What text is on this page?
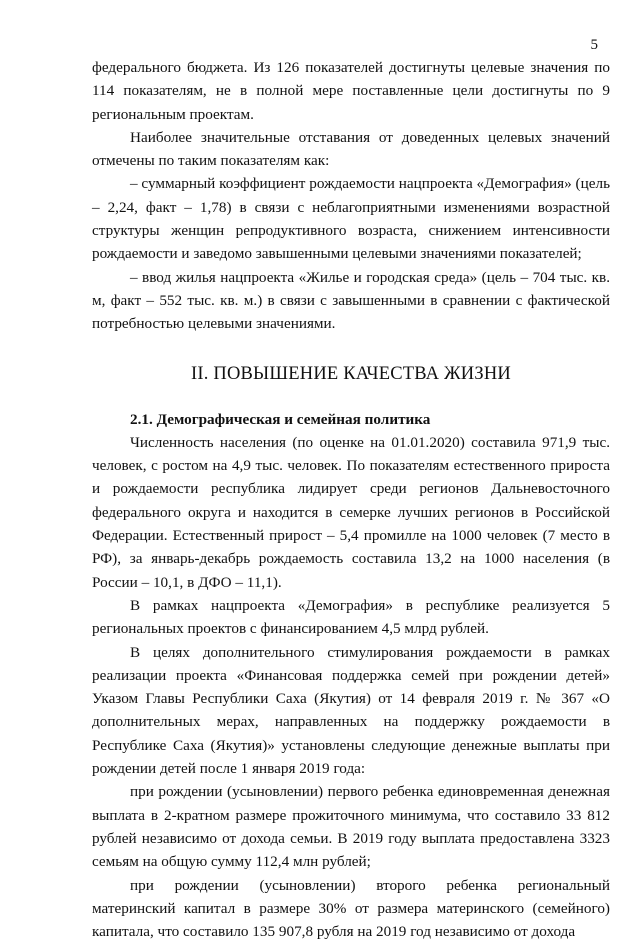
5

федерального бюджета. Из 126 показателей достигнуты целевые значения по 114 показателям, не в полной мере поставленные цели достигнуты по 9 региональным проектам.

Наиболее значительные отставания от доведенных целевых значений отмечены по таким показателям как:

– суммарный коэффициент рождаемости нацпроекта «Демография» (цель – 2,24, факт – 1,78) в связи с неблагоприятными изменениями возрастной структуры женщин репродуктивного возраста, снижением интенсивности рождаемости и заведомо завышенными целевыми значениями показателей;

– ввод жилья нацпроекта «Жилье и городская среда» (цель – 704 тыс. кв. м, факт – 552 тыс. кв. м.) в связи с завышенными в сравнении с фактической потребностью целевыми значениями.

II. ПОВЫШЕНИЕ КАЧЕСТВА ЖИЗНИ

2.1. Демографическая и семейная политика

Численность населения (по оценке на 01.01.2020) составила 971,9 тыс. человек, с ростом на 4,9 тыс. человек. По показателям естественного прироста и рождаемости республика лидирует среди регионов Дальневосточного федерального округа и находится в семерке лучших регионов в Российской Федерации. Естественный прирост – 5,4 промилле на 1000 человек (7 место в РФ), за январь-декабрь рождаемость составила 13,2 на 1000 населения (в России – 10,1, в ДФО – 11,1).

В рамках нацпроекта «Демография» в республике реализуется 5 региональных проектов с финансированием 4,5 млрд рублей.

В целях дополнительного стимулирования рождаемости в рамках реализации проекта «Финансовая поддержка семей при рождении детей» Указом Главы Республики Саха (Якутия) от 14 февраля 2019 г. № 367 «О дополнительных мерах, направленных на поддержку рождаемости в Республике Саха (Якутия)» установлены следующие денежные выплаты при рождении детей после 1 января 2019 года:

при рождении (усыновлении) первого ребенка единовременная денежная выплата в 2-кратном размере прожиточного минимума, что составило 33 812 рублей независимо от дохода семьи. В 2019 году выплата предоставлена 3323 семьям на общую сумму 112,4 млн рублей;

при рождении (усыновлении) второго ребенка региональный материнский капитал в размере 30% от размера материнского (семейного) капитала, что составило 135 907,8 рубля на 2019 год независимо от дохода
